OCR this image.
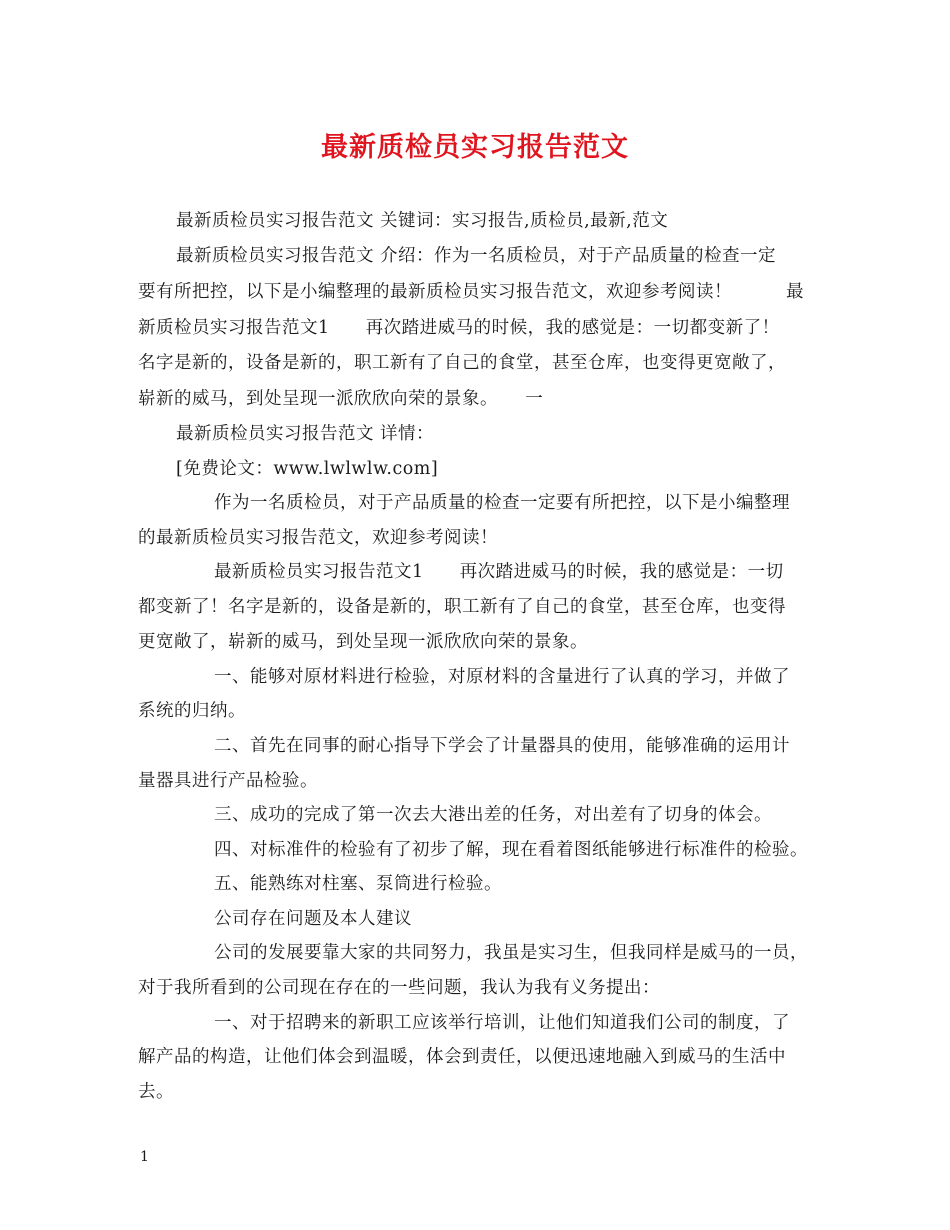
最新质检员实习报告范文
最新质检员实习报告范文 关键词：实习报告,质检员,最新,范文
最新质检员实习报告范文 介绍：作为一名质检员，对于产品质量的检查一定
要有所把控，以下是小编整理的最新质检员实习报告范文，欢迎参考阅读！　　　最
新质检员实习报告范文1　　再次踏进威马的时候，我的感觉是：一切都变新了！
名字是新的，设备是新的，职工新有了自己的食堂，甚至仓库，也变得更宽敞了，
崭新的威马，到处呈现一派欣欣向荣的景象。　　一
最新质检员实习报告范文 详情：
[免费论文：www.lwlwlw.com]
作为一名质检员，对于产品质量的检查一定要有所把控，以下是小编整理
的最新质检员实习报告范文，欢迎参考阅读！
最新质检员实习报告范文1　　再次踏进威马的时候，我的感觉是：一切
都变新了！名字是新的，设备是新的，职工新有了自己的食堂，甚至仓库，也变得
更宽敞了，崭新的威马，到处呈现一派欣欣向荣的景象。
一、能够对原材料进行检验，对原材料的含量进行了认真的学习，并做了
系统的归纳。
二、首先在同事的耐心指导下学会了计量器具的使用，能够准确的运用计
量器具进行产品检验。
三、成功的完成了第一次去大港出差的任务，对出差有了切身的体会。
四、对标准件的检验有了初步了解，现在看着图纸能够进行标准件的检验。
五、能熟练对柱塞、泵筒进行检验。
公司存在问题及本人建议
公司的发展要靠大家的共同努力，我虽是实习生，但我同样是威马的一员，
对于我所看到的公司现在存在的一些问题，我认为我有义务提出：
一、对于招聘来的新职工应该举行培训，让他们知道我们公司的制度，了
解产品的构造，让他们体会到温暖，体会到责任，以便迅速地融入到威马的生活中
去。
1
